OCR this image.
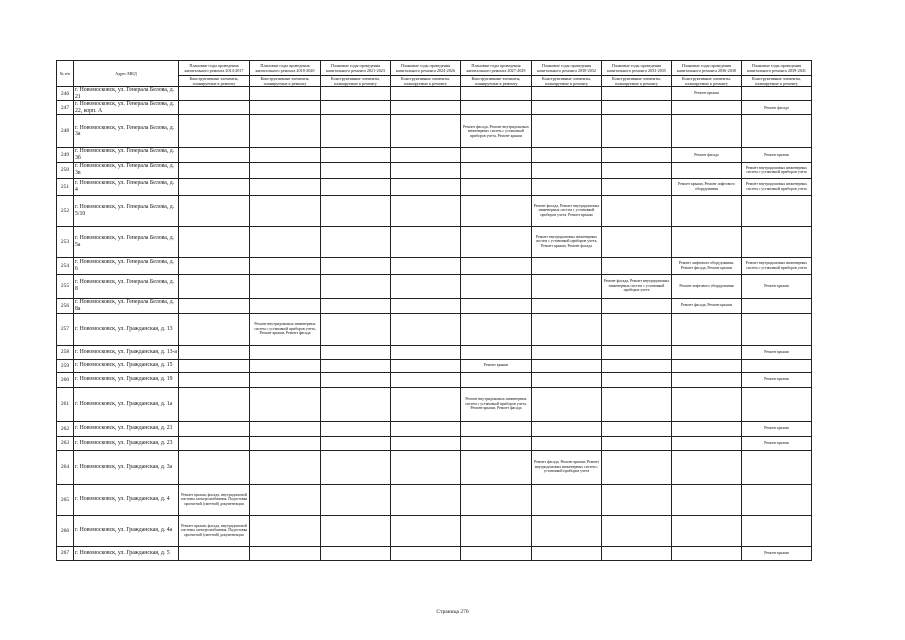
№ п/п	Адрес МКД	Плановые годы проведения капитального ремонта 2014-2017	Плановые годы проведения капитального ремонта 2018-2020	Плановые годы проведения капитального ремонта 2021-2023	Плановые годы проведения капитального ремонта 2024-2026	Плановые годы проведения капитального ремонта 2027-2029	Плановые годы проведения капитального ремонта 2030-2032	Плановые годы проведения капитального ремонта 2033-2035	Плановые годы проведения капитального ремонта 2036-2038	Плановые годы проведения капитального ремонта 2039-2041
		Конструктивные элементы, планируемые к ремонту	Конструктивные элементы, планируемые к ремонту	Конструктивные элементы, планируемые к ремонту	Конструктивные элементы, планируемые к ремонту	Конструктивные элементы, планируемые к ремонту	Конструктивные элементы, планируемые к ремонту	Конструктивные элементы, планируемые к ремонту	Конструктивные элементы, планируемые к ремонту	Конструктивные элементы, планируемые к ремонту
246	г. Новомосковск, ул. Генерала Белова, д. 21								Ремонт крыши	
247	г. Новомосковск, ул. Генерала Белова, д. 22, корп. А									Ремонт фасада
248	г. Новомосковск, ул. Генерала Белова, д. 3а					Ремонт фасада, Ремонт внутридомовых инженерных систем с установкой приборов учета, Ремонт крыши				
249	г. Новомосковск, ул. Генерала Белова, д. 3б								Ремонт фасада	Ремонт крыши
250	г. Новомосковск, ул. Генерала Белова, д. 3в									Ремонт внутридомовых инженерных систем с установкой приборов учета
251	г. Новомосковск, ул. Генерала Белова, д. 4								Ремонт крыши, Ремонт лифтового оборудования	Ремонт внутридомовых инженерных систем с установкой приборов учета
252	г. Новомосковск, ул. Генерала Белова, д. 5/10						Ремонт фасада, Ремонт внутридомовых инженерных систем с установкой приборов учета, Ремонт крыши			
253	г. Новомосковск, ул. Генерала Белова, д. 5а						Ремонт внутридомовых инженерных систем с установкой приборов учета, Ремонт крыши, Ремонт фасада			
254	г. Новомосковск, ул. Генерала Белова, д. 6								Ремонт лифтового оборудования, Ремонт фасада, Ремонт крыши	Ремонт внутридомовых инженерных систем с установкой приборов учета
255	г. Новомосковск, ул. Генерала Белова, д. 8							Ремонт фасада, Ремонт внутридомовых инженерных систем с установкой приборов учета	Ремонт лифтового оборудования	Ремонт крыши
256	г. Новомосковск, ул. Генерала Белова, д. 8а								Ремонт фасада, Ремонт крыши	
257	г. Новомосковск, ул. Гражданская, д. 13		Ремонт внутридомовых инженерных систем с установкой приборов учета, Ремонт крыши, Ремонт фасада							
258	г. Новомосковск, ул. Гражданская, д. 13-а									Ремонт крыши
259	г. Новомосковск, ул. Гражданская, д. 15					Ремонт крыши				
260	г. Новомосковск, ул. Гражданская, д. 19									Ремонт крыши
261	г. Новомосковск, ул. Гражданская, д. 1а					Ремонт внутридомовых инженерных систем с установкой приборов учета, Ремонт крыши, Ремонт фасада				
262	г. Новомосковск, ул. Гражданская, д. 21									Ремонт крыши
263	г. Новомосковск, ул. Гражданская, д. 23									Ремонт крыши
264	г. Новомосковск, ул. Гражданская, д. 3а						Ремонт фасада, Ремонт крыши, Ремонт внутридомовых инженерных систем с установкой приборов учета			
265	г. Новомосковск, ул. Гражданская, д. 4	Ремонт крыши, фасада, внутридомовой системы электроснабжения. Подготовка проектной (сметной) документации								
266	г. Новомосковск, ул. Гражданская, д. 4а	Ремонт крыши, фасада, внутридомовой системы электроснабжения. Подготовка проектной (сметной) документации								
267	г. Новомосковск, ул. Гражданская, д. 5									Ремонт крыши
Страница 270
